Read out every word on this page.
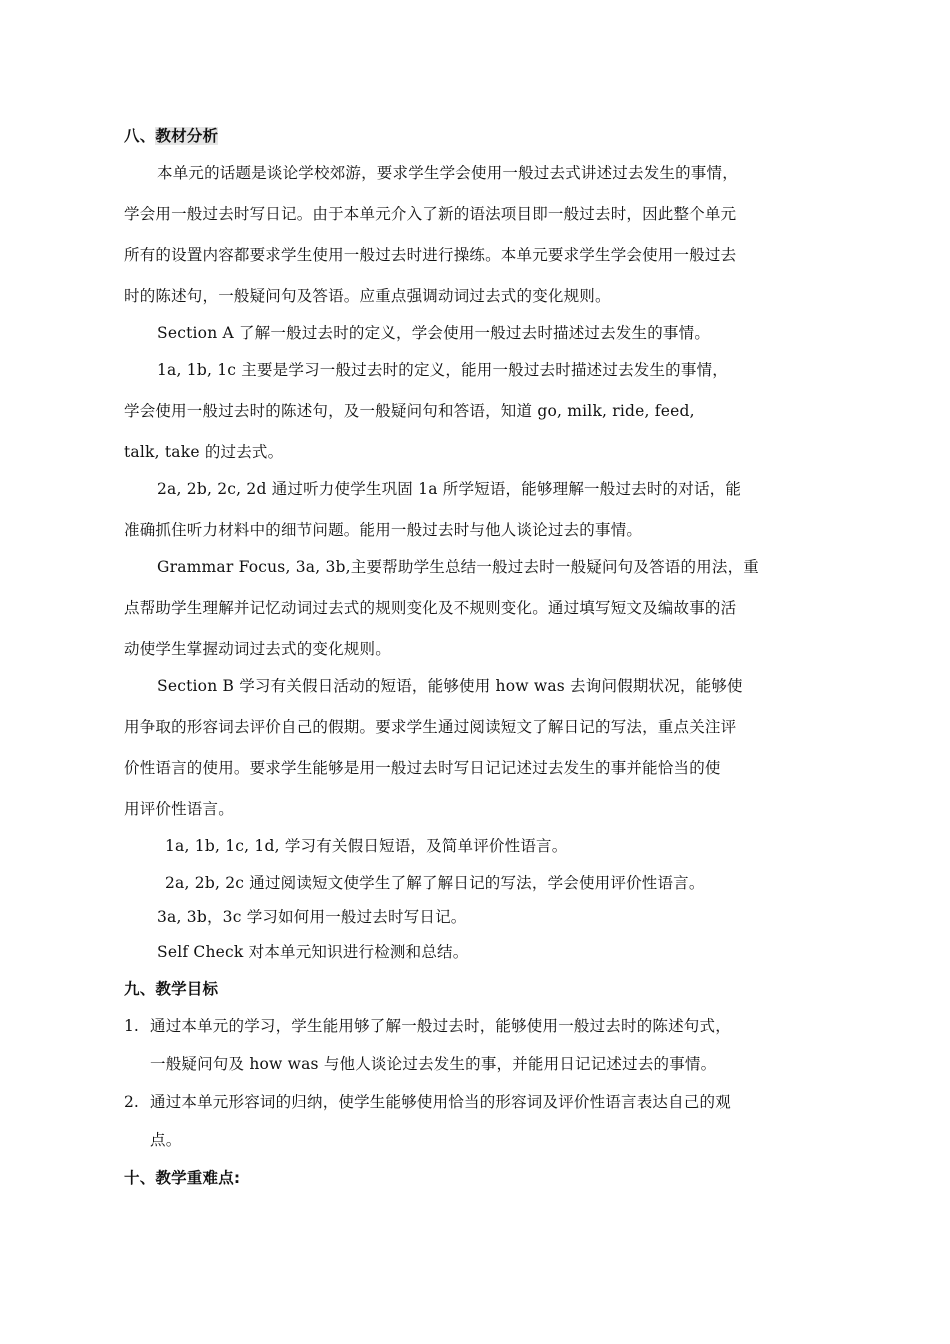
八、教材分析
本单元的话题是谈论学校郊游，要求学生学会使用一般过去式讲述过去发生的事情，
学会用一般过去时写日记。由于本单元介入了新的语法项目即一般过去时，因此整个单元
所有的设置内容都要求学生使用一般过去时进行操练。本单元要求学生学会使用一般过去
时的陈述句，一般疑问句及答语。应重点强调动词过去式的变化规则。
Section A 了解一般过去时的定义，学会使用一般过去时描述过去发生的事情。
1a, 1b, 1c 主要是学习一般过去时的定义，能用一般过去时描述过去发生的事情，
学会使用一般过去时的陈述句，及一般疑问句和答语，知道 go, milk, ride, feed,
talk, take 的过去式。
2a, 2b, 2c, 2d 通过听力使学生巩固 1a 所学短语，能够理解一般过去时的对话，能
准确抓住听力材料中的细节问题。能用一般过去时与他人谈论过去的事情。
Grammar Focus, 3a, 3b,主要帮助学生总结一般过去时一般疑问句及答语的用法，重
点帮助学生理解并记忆动词过去式的规则变化及不规则变化。通过填写短文及编故事的活
动使学生掌握动词过去式的变化规则。
Section B 学习有关假日活动的短语，能够使用 how was 去询问假期状况，能够使
用争取的形容词去评价自己的假期。要求学生通过阅读短文了解日记的写法，重点关注评
价性语言的使用。要求学生能够是用一般过去时写日记记述过去发生的事并能恰当的使
用评价性语言。
1a, 1b, 1c, 1d, 学习有关假日短语，及简单评价性语言。
2a, 2b, 2c 通过阅读短文使学生了解了解日记的写法，学会使用评价性语言。
3a, 3b，3c 学习如何用一般过去时写日记。
Self Check 对本单元知识进行检测和总结。
九、教学目标
1. 通过本单元的学习，学生能用够了解一般过去时，能够使用一般过去时的陈述句式，
一般疑问句及 how was 与他人谈论过去发生的事，并能用日记记述过去的事情。
2. 通过本单元形容词的归纳，使学生能够使用恰当的形容词及评价性语言表达自己的观
点。
十、教学重难点:
